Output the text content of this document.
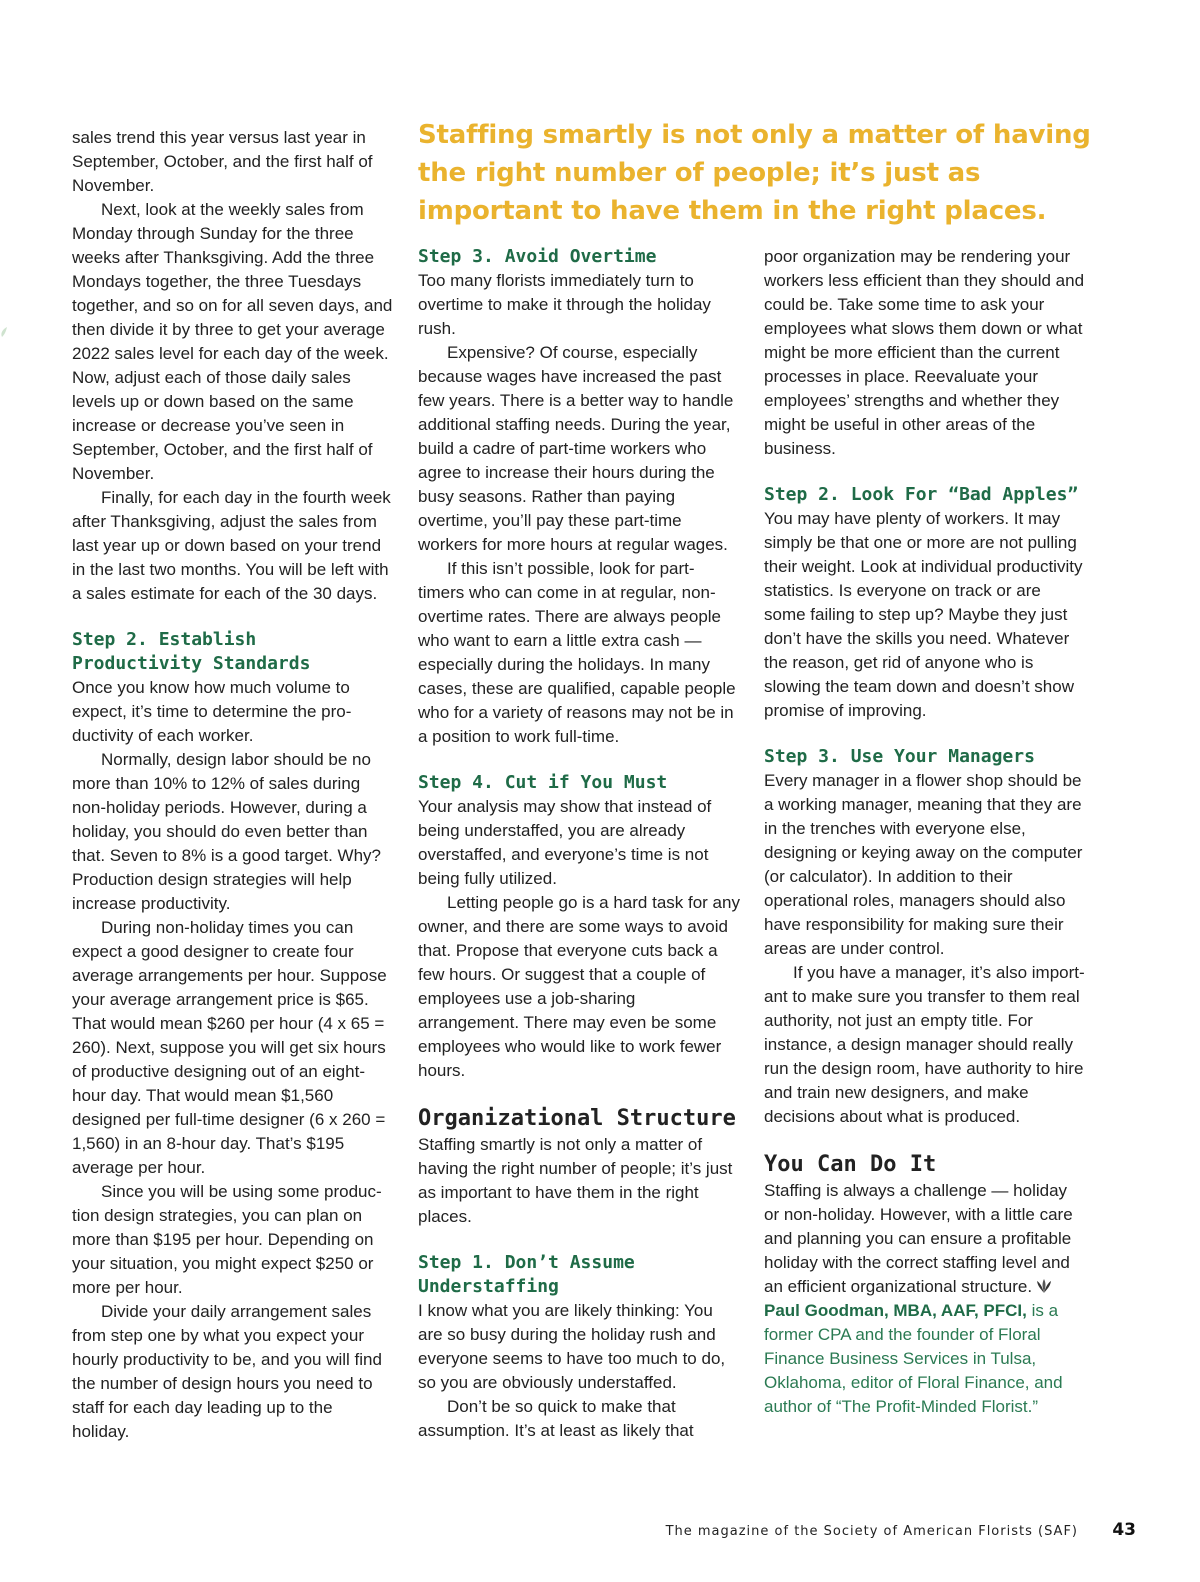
Staffing smartly is not only a matter of having the right number of people; it’s just as important to have them in the right places.

sales trend this year versus last year in September, October, and the first half of November.

Next, look at the weekly sales from Monday through Sunday for the three weeks after Thanksgiving. Add the three Mondays together, the three Tuesdays together, and so on for all seven days, and then divide it by three to get your average 2022 sales level for each day of the week. Now, adjust each of those daily sales levels up or down based on the same increase or decrease you’ve seen in September, October, and the first half of November.

Finally, for each day in the fourth week after Thanksgiving, adjust the sales from last year up or down based on your trend in the last two months. You will be left with a sales estimate for each of the 30 days.

Step 2. Establish Productivity Standards

Once you know how much volume to expect, it’s time to determine the pro-ductivity of each worker.

Normally, design labor should be no more than 10% to 12% of sales during non-holiday periods. However, during a holiday, you should do even better than that. Seven to 8% is a good target. Why? Production design strategies will help increase productivity.

During non-holiday times you can expect a good designer to create four average arrangements per hour. Suppose your average arrangement price is $65. That would mean $260 per hour (4 x 65 = 260). Next, suppose you will get six hours of productive designing out of an eight-hour day. That would mean $1,560 designed per full-time designer (6 x 260 = 1,560) in an 8-hour day. That’s $195 average per hour.

Since you will be using some produc-tion design strategies, you can plan on more than $195 per hour. Depending on your situation, you might expect $250 or more per hour.

Divide your daily arrangement sales from step one by what you expect your hourly productivity to be, and you will find the number of design hours you need to staff for each day leading up to the holiday.

Step 3. Avoid Overtime

Too many florists immediately turn to overtime to make it through the holiday rush.

Expensive? Of course, especially because wages have increased the past few years. There is a better way to handle additional staffing needs. During the year, build a cadre of part-time workers who agree to increase their hours during the busy seasons. Rather than paying overtime, you’ll pay these part-time workers for more hours at regular wages.

If this isn’t possible, look for part-timers who can come in at regular, non-overtime rates. There are always people who want to earn a little extra cash — especially during the holidays. In many cases, these are qualified, capable people who for a variety of reasons may not be in a position to work full-time.

Step 4. Cut if You Must

Your analysis may show that instead of being understaffed, you are already overstaffed, and everyone’s time is not being fully utilized.

Letting people go is a hard task for any owner, and there are some ways to avoid that. Propose that everyone cuts back a few hours. Or suggest that a couple of employees use a job-sharing arrangement. There may even be some employees who would like to work fewer hours.

Organizational Structure

Staffing smartly is not only a matter of having the right number of people; it’s just as important to have them in the right places.

Step 1. Don’t Assume Understaffing

I know what you are likely thinking: You are so busy during the holiday rush and everyone seems to have too much to do, so you are obviously understaffed.

Don’t be so quick to make that assumption. It’s at least as likely that

poor organization may be rendering your workers less efficient than they should and could be. Take some time to ask your employees what slows them down or what might be more efficient than the current processes in place. Reevaluate your employees’ strengths and whether they might be useful in other areas of the business.

Step 2. Look For “Bad Apples”

You may have plenty of workers. It may simply be that one or more are not pulling their weight. Look at individual productivity statistics. Is everyone on track or are some failing to step up? Maybe they just don’t have the skills you need. Whatever the reason, get rid of anyone who is slowing the team down and doesn’t show promise of improving.

Step 3. Use Your Managers

Every manager in a flower shop should be a working manager, meaning that they are in the trenches with everyone else, designing or keying away on the computer (or calculator). In addition to their operational roles, managers should also have responsibility for making sure their areas are under control.

If you have a manager, it’s also import-ant to make sure you transfer to them real authority, not just an empty title. For instance, a design manager should really run the design room, have authority to hire and train new designers, and make decisions about what is produced.

You Can Do It

Staffing is always a challenge — holiday or non-holiday. However, with a little care and planning you can ensure a profitable holiday with the correct staffing level and an efficient organizational structure.

Paul Goodman, MBA, AAF, PFCI, is a former CPA and the founder of Floral Finance Business Services in Tulsa, Oklahoma, editor of Floral Finance, and author of “The Profit-Minded Florist.”

The magazine of the Society of American Florists (SAF) 43
